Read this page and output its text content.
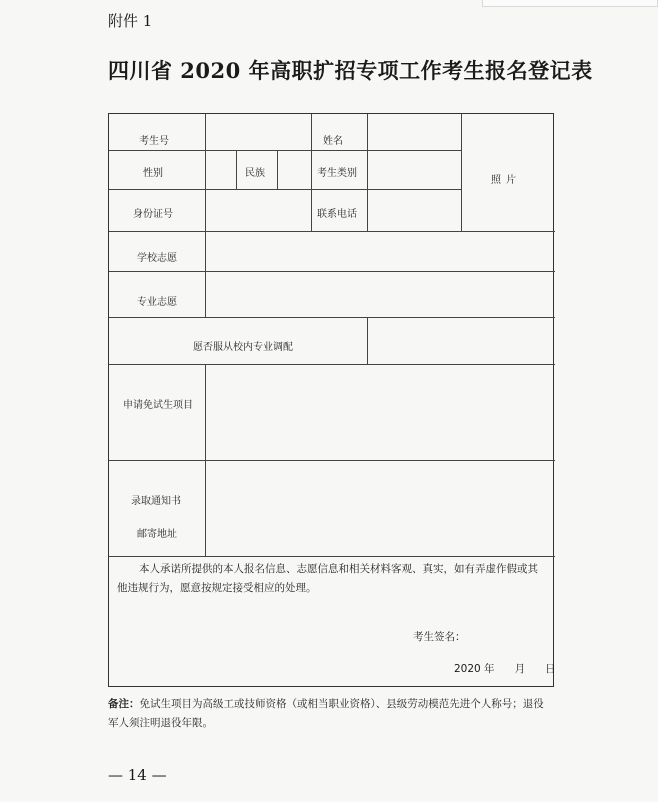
附件 1
四川省 2020 年高职扩招专项工作考生报名登记表
考生号	姓名
性别	民族	考生类别
照 片
身份证号	联系电话
学校志愿
专业志愿
愿否服从校内专业调配
申请免试生项目
录取通知书
邮寄地址
本人承诺所提供的本人报名信息、志愿信息和相关材料客观、真实，如有弄虚作假或其他违规行为，愿意按规定接受相应的处理。
考生签名：
2020 年      月      日
备注：免试生项目为高级工或技师资格（或相当职业资格）、县级劳动模范先进个人称号；退役军人须注明退役年限。
— 14 —
